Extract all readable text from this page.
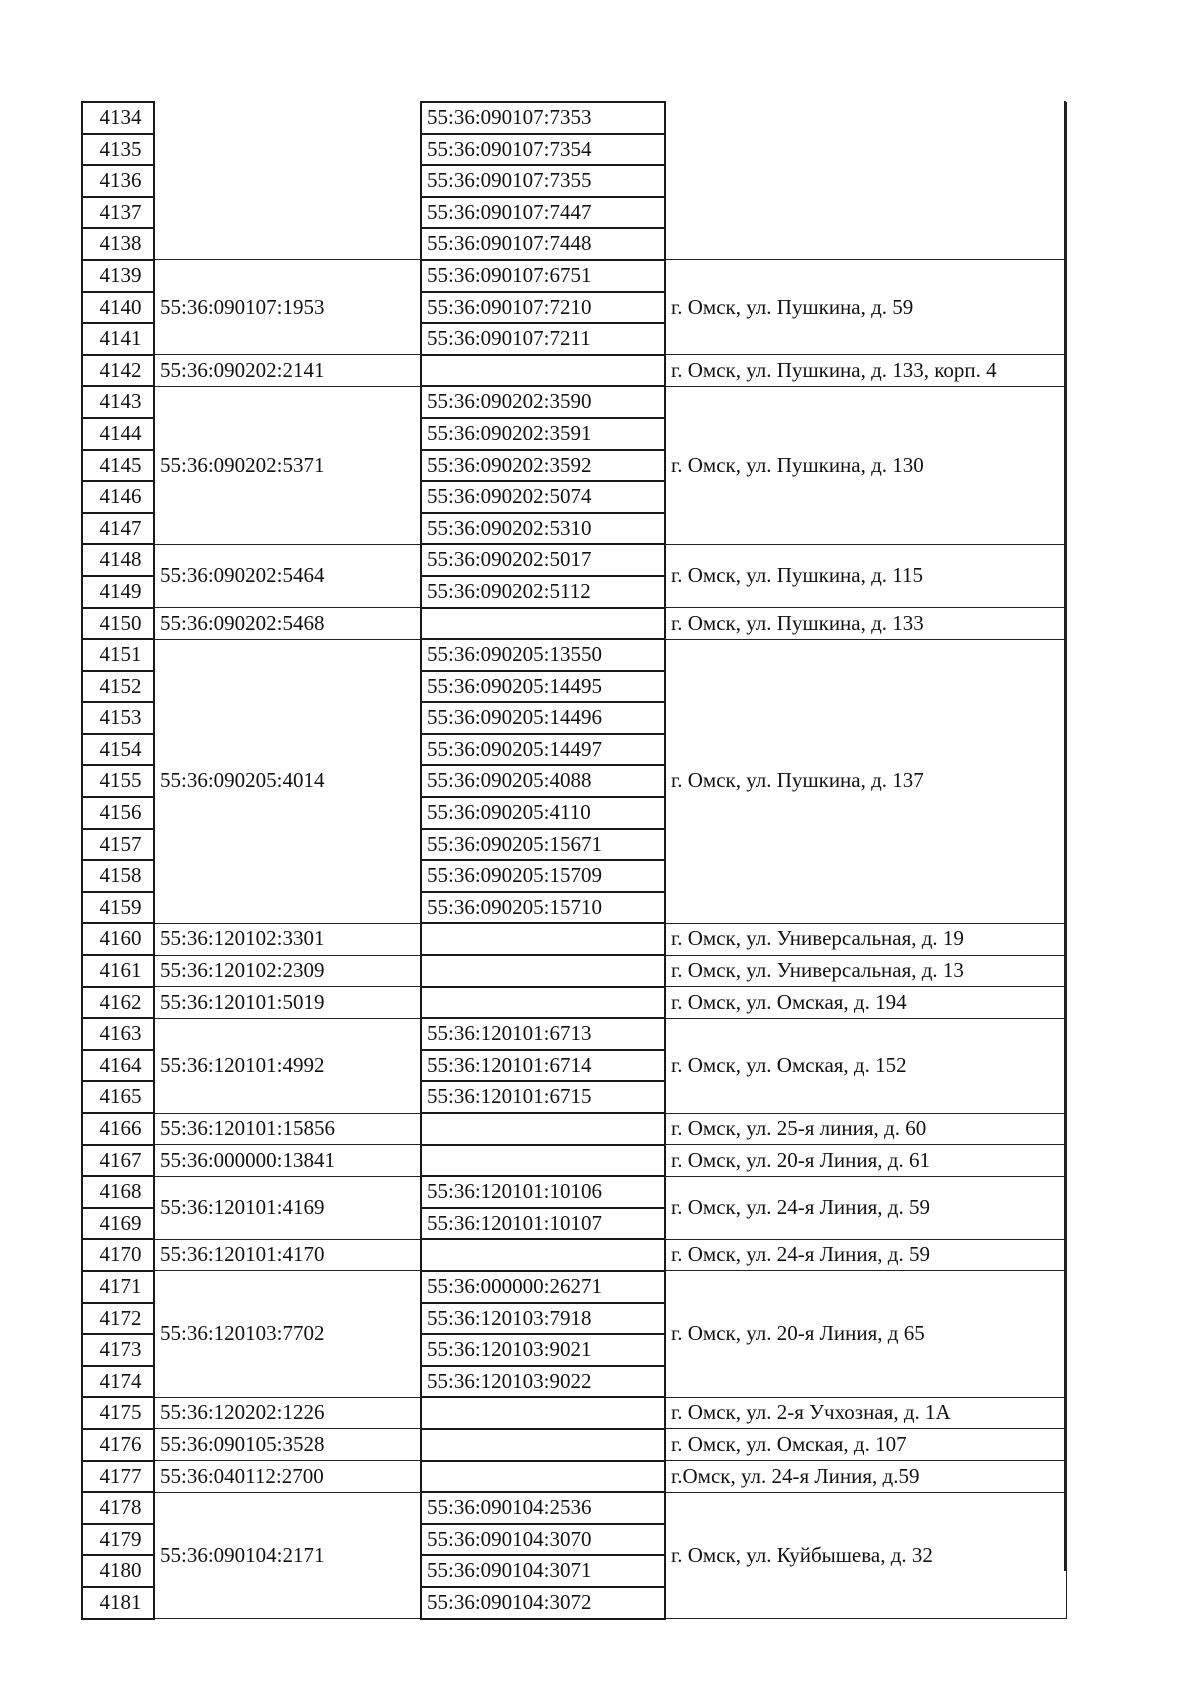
4134		55:36:090107:7353	
4135		55:36:090107:7354	
4136		55:36:090107:7355	
4137		55:36:090107:7447	
4138		55:36:090107:7448	
4139	55:36:090107:1953	55:36:090107:6751	г. Омск, ул. Пушкина, д. 59
4140		55:36:090107:7210	
4141		55:36:090107:7211	
4142	55:36:090202:2141		г. Омск, ул. Пушкина, д. 133, корп. 4
4143	55:36:090202:5371	55:36:090202:3590	г. Омск, ул. Пушкина, д. 130
4144		55:36:090202:3591	
4145		55:36:090202:3592	
4146		55:36:090202:5074	
4147		55:36:090202:5310	
4148	55:36:090202:5464	55:36:090202:5017	г. Омск, ул. Пушкина, д. 115
4149		55:36:090202:5112	
4150	55:36:090202:5468		г. Омск, ул. Пушкина, д. 133
4151	55:36:090205:4014	55:36:090205:13550	г. Омск, ул. Пушкина, д. 137
4152		55:36:090205:14495	
4153		55:36:090205:14496	
4154		55:36:090205:14497	
4155		55:36:090205:4088	
4156		55:36:090205:4110	
4157		55:36:090205:15671	
4158		55:36:090205:15709	
4159		55:36:090205:15710	
4160	55:36:120102:3301		г. Омск, ул. Универсальная, д. 19
4161	55:36:120102:2309		г. Омск, ул. Универсальная, д. 13
4162	55:36:120101:5019		г. Омск, ул. Омская, д. 194
4163	55:36:120101:4992	55:36:120101:6713	г. Омск, ул. Омская, д. 152
4164		55:36:120101:6714	
4165		55:36:120101:6715	
4166	55:36:120101:15856		г. Омск, ул. 25-я линия, д. 60
4167	55:36:000000:13841		г. Омск, ул. 20-я Линия, д. 61
4168	55:36:120101:4169	55:36:120101:10106	г. Омск, ул. 24-я Линия, д. 59
4169		55:36:120101:10107	
4170	55:36:120101:4170		г. Омск, ул. 24-я Линия, д. 59
4171	55:36:120103:7702	55:36:000000:26271	г. Омск, ул. 20-я Линия, д 65
4172		55:36:120103:7918	
4173		55:36:120103:9021	
4174		55:36:120103:9022	
4175	55:36:120202:1226		г. Омск, ул. 2-я Учхозная, д. 1А
4176	55:36:090105:3528		г. Омск, ул. Омская, д. 107
4177	55:36:040112:2700		г.Омск, ул. 24-я Линия, д.59
4178	55:36:090104:2171	55:36:090104:2536	г. Омск, ул. Куйбышева, д. 32
4179		55:36:090104:3070	
4180		55:36:090104:3071	
4181		55:36:090104:3072	
